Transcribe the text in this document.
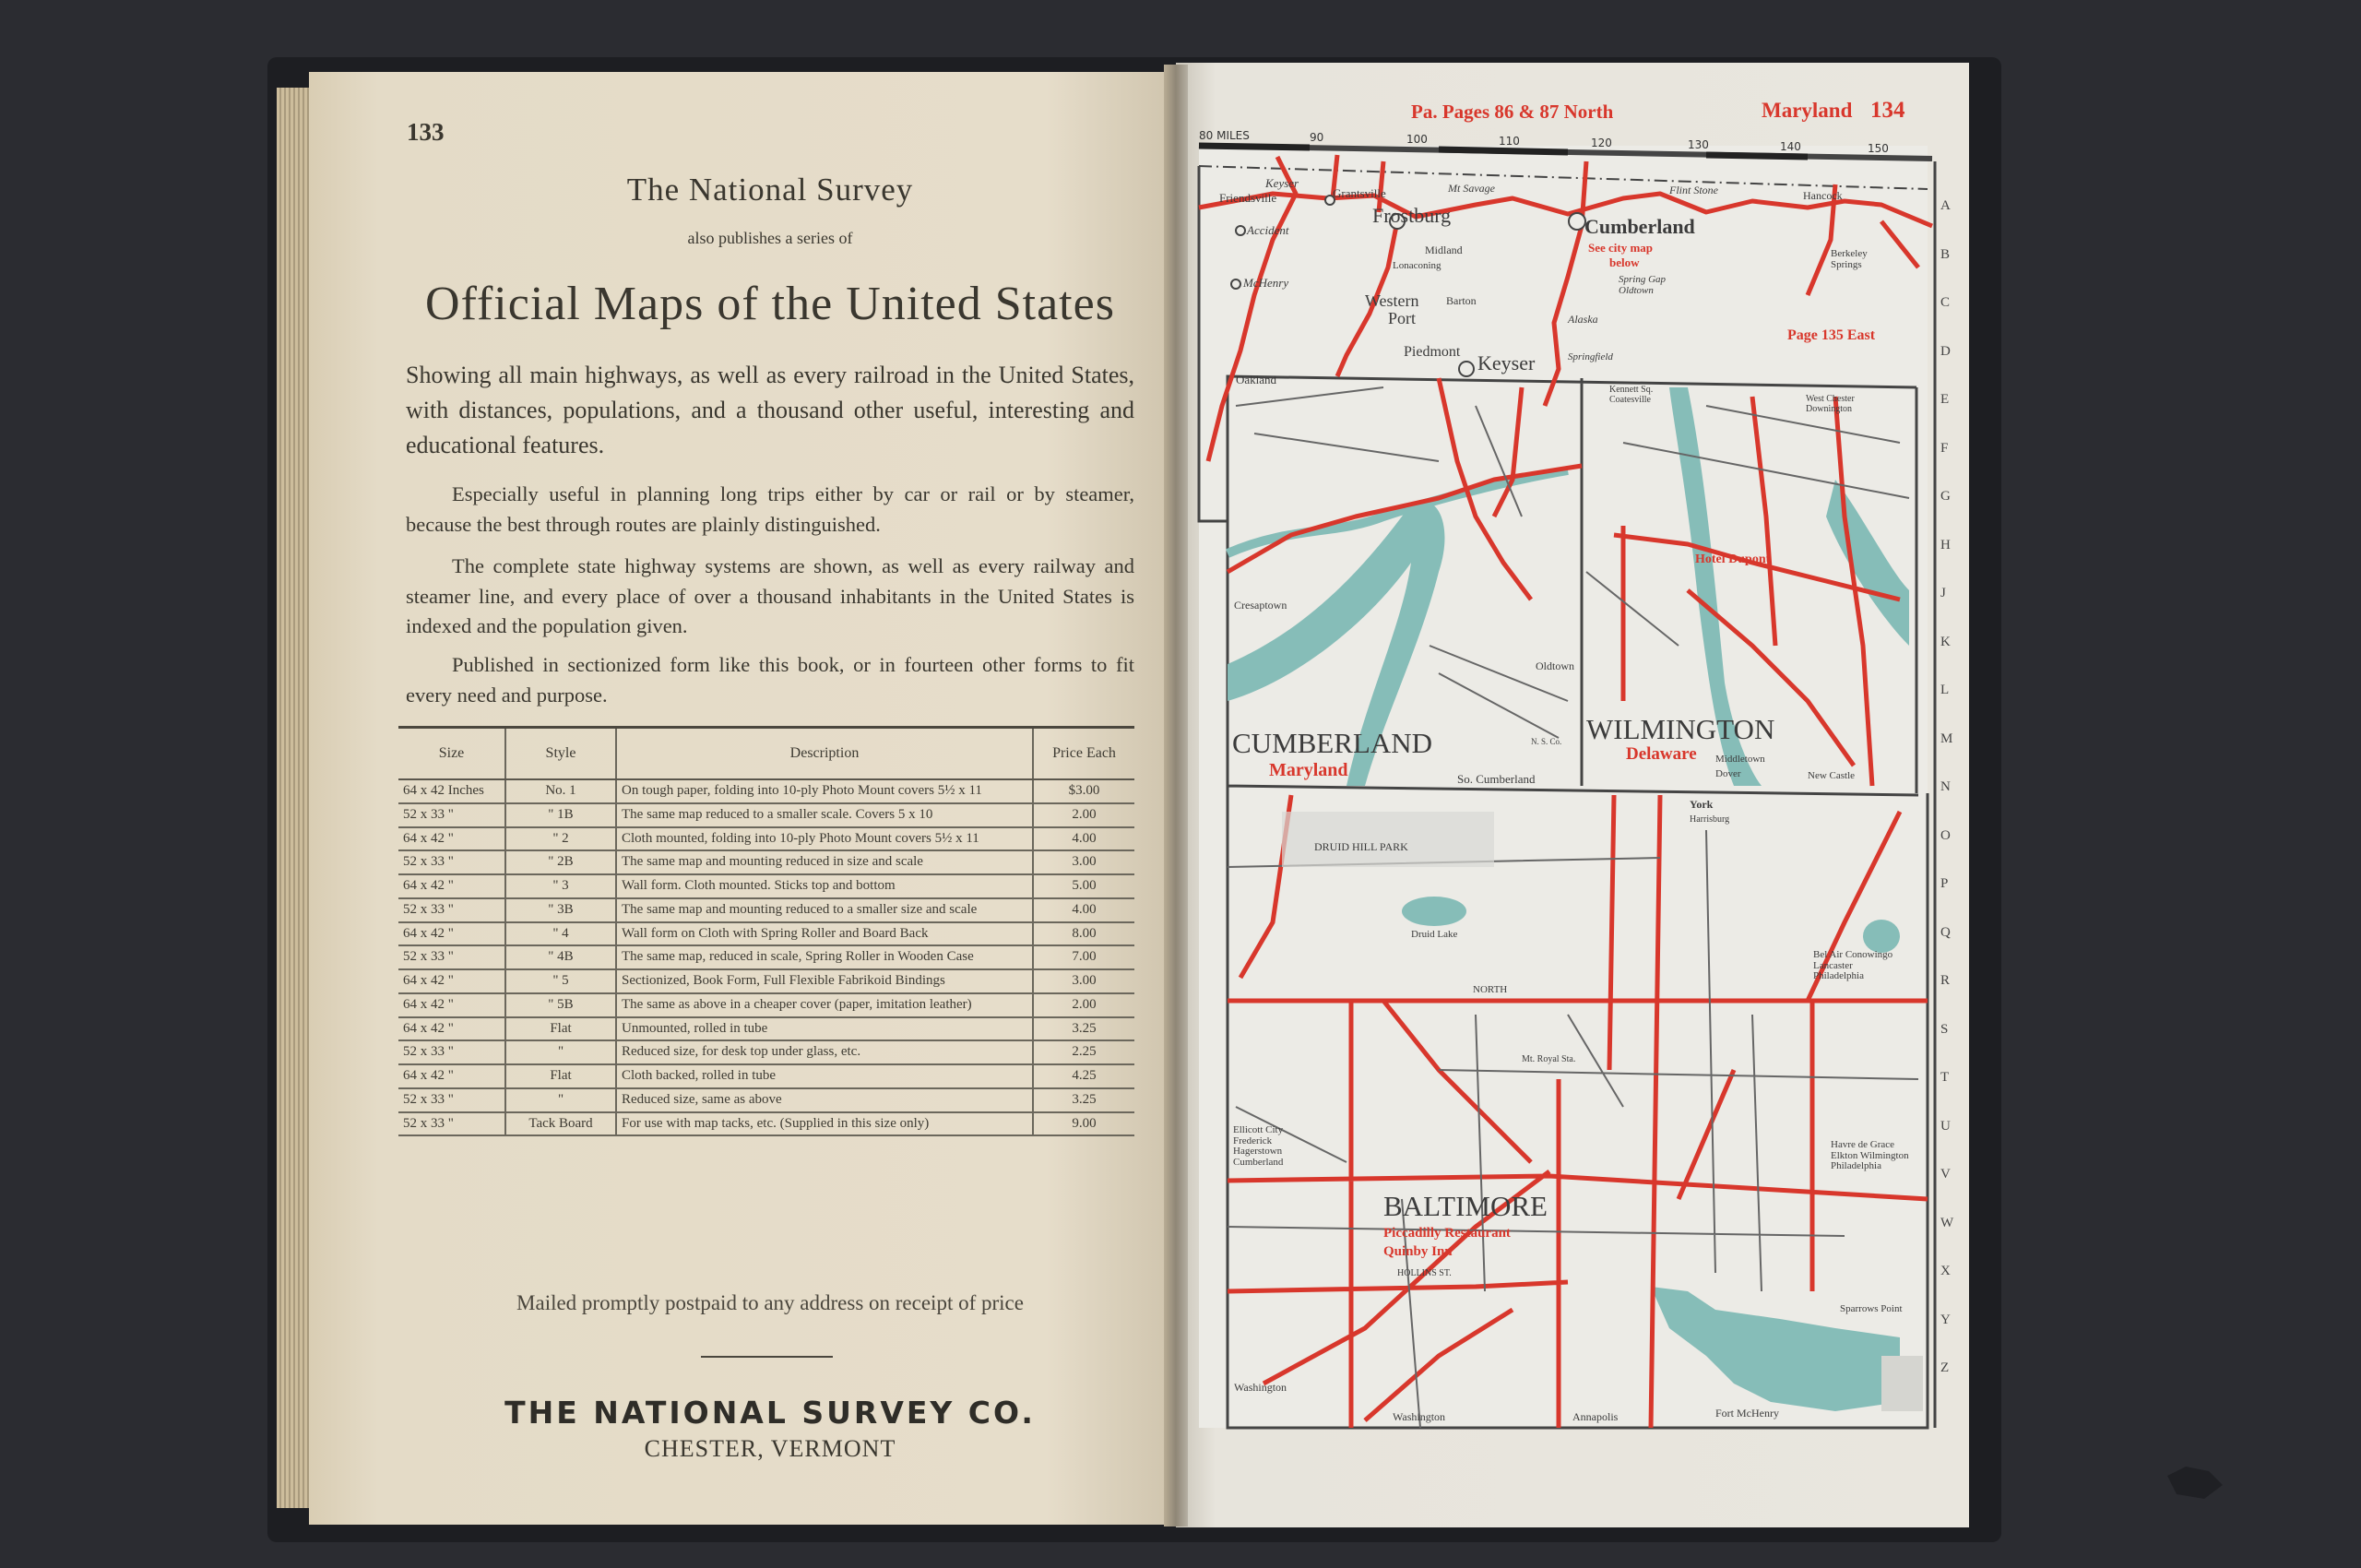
133
The National Survey
also publishes a series of
Official Maps of the United States
Showing all main highways, as well as every railroad in the United States, with distances, populations, and a thousand other useful, interesting and educational features.
Especially useful in planning long trips either by car or rail or by steamer, because the best through routes are plainly distinguished.
The complete state highway systems are shown, as well as every railway and steamer line, and every place of over a thousand inhabitants in the United States is indexed and the population given.
Published in sectionized form like this book, or in fourteen other forms to fit every need and purpose.
Size	Style	Description	Price Each
64 x 42 Inches	No. 1	On tough paper, folding into 10-ply Photo Mount covers 5½ x 11	$3.00
52 x 33 "	" 1B	The same map reduced to a smaller scale. Covers 5 x 10	2.00
64 x 42 "	" 2	Cloth mounted, folding into 10-ply Photo Mount covers 5½ x 11	4.00
52 x 33 "	" 2B	The same map and mounting reduced in size and scale	3.00
64 x 42 "	" 3	Wall form. Cloth mounted. Sticks top and bottom	5.00
52 x 33 "	" 3B	The same map and mounting reduced to a smaller size and scale	4.00
64 x 42 "	" 4	Wall form on Cloth with Spring Roller and Board Back	8.00
52 x 33 "	" 4B	The same map, reduced in scale, Spring Roller in Wooden Case	7.00
64 x 42 "	" 5	Sectionized, Book Form, Full Flexible Fabrikoid Bindings	3.00
64 x 42 "	" 5B	The same as above in a cheaper cover (paper, imitation leather)	2.00
64 x 42 "	Flat	Unmounted, rolled in tube	3.25
52 x 33 "	"	Reduced size, for desk top under glass, etc.	2.25
64 x 42 "	Flat	Cloth backed, rolled in tube	4.25
52 x 33 "	"	Reduced size, same as above	3.25
52 x 33 "	Tack Board	For use with map tacks, etc. (Supplied in this size only)	9.00
Mailed promptly postpaid to any address on receipt of price
THE NATIONAL SURVEY CO.
CHESTER, VERMONT
Pa. Pages 86 & 87 North	Maryland 134
80 MILES	90	100	110	120	130	140	150
A
B
C
D
E
F
G
H
J
K
L
M
N
O
P
Q
R
S
T
U
V
W
X
Y
Z
Frostburg	Cumberland
See city map
below
Western
Port
Keyser
Keyser
Page 135 East
Grantsville
Friendsville
Accident
McHenry
Oakland
Mt Savage	Flint Stone	Hancock
Berkeley Springs
Midland
Lonaconing
Barton
Alaska
Springfield
Spring Gap Oldtown
Piedmont
Cresaptown
CUMBERLAND
Maryland	So. Cumberland
Oldtown
N. S. Co. WILMINGTON
Delaware
Hotel Dupont
Middletown
Dover	New Castle
Kennett Sq. Coatesville	West Chester Downington
York
Harrisburg
DRUID HILL PARK
Druid Lake
NORTH
Mt. Royal Sta.
BALTIMORE
Piccadilly Restaurant
Quinby Inn
HOLLINS ST.
Ellicott City Frederick Hagerstown Cumberland
Havre de Grace Elkton Wilmington Philadelphia
Bel Air Conowingo Lancaster Philadelphia
Sparrows Point
Washington
Washington	Annapolis	Fort McHenry
